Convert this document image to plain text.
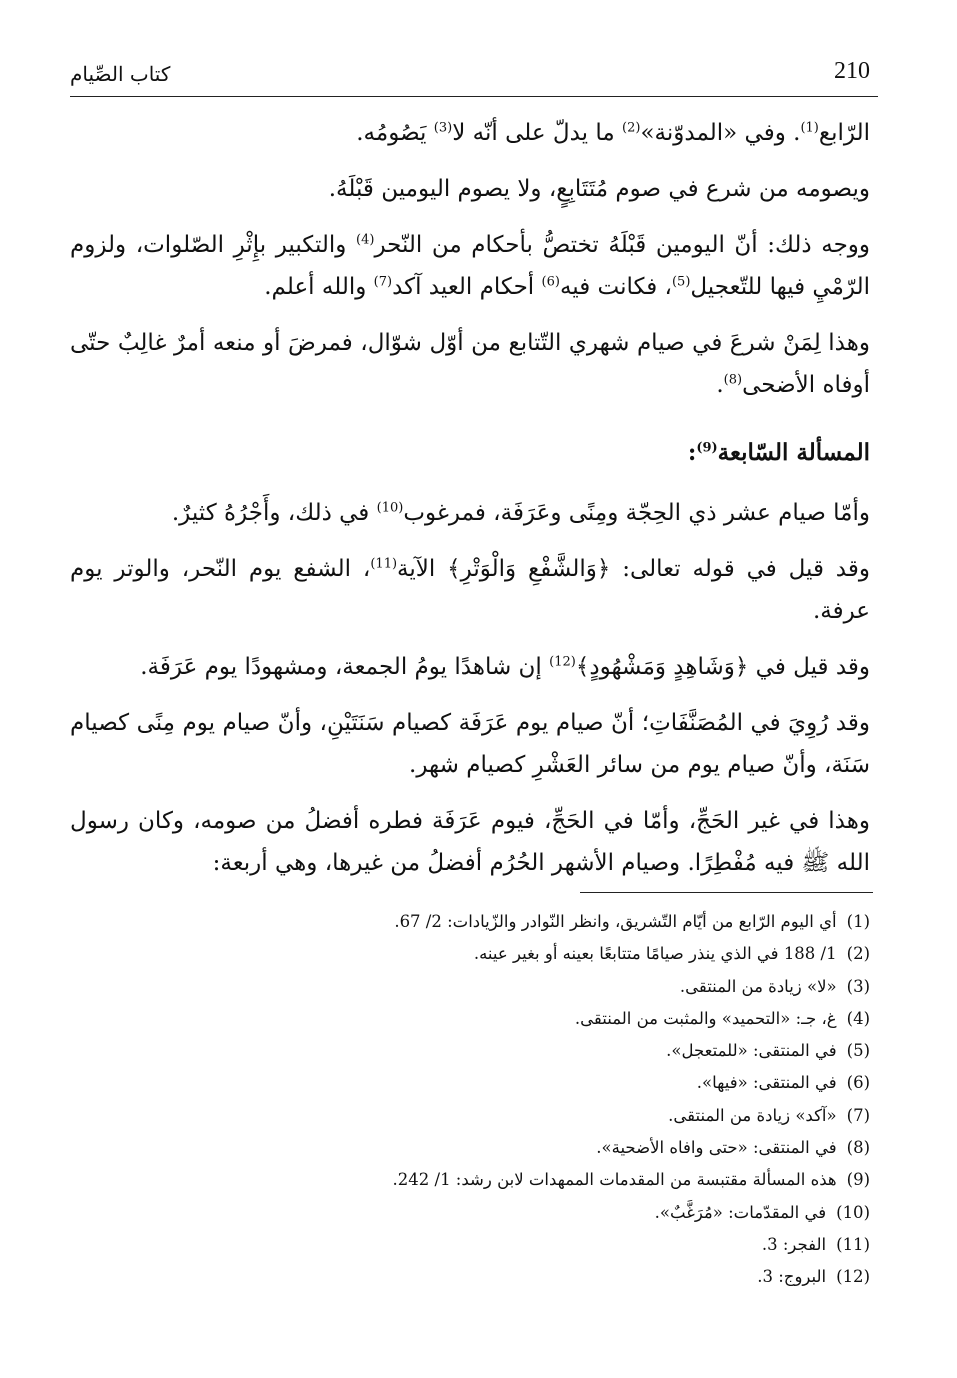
210
كتاب الصِّيام

الرّابع$^{(1)}$. وفي «المدوّنة»$^{(2)}$ ما يدلّ على أنّه لا$^{(3)}$ يَصُومُه.

ويصومه من شرع في صوم مُتَتَابِعٍ، ولا يصوم اليومين قَبْلَهُ.

ووجه ذلك: أنّ اليومين قَبْلَهُ تختصُّ بأحكام من النّحر$^{(4)}$ والتكبير بإِثْرِ الصّلوات، ولزوم الرّمْيِ فيها للتّعجيل$^{(5)}$، فكانت فيه$^{(6)}$ أحكام العيد آكد$^{(7)}$ والله أعلم.

وهذا لِمَنْ شرعَ في صيام شهري التّتابع من أوّل شوّال، فمرضَ أو منعه أمرٌ غالِبٌ حتّى أوفاه الأضحى$^{(8)}$.

المسألة السّابعة$^{(9)}$:

وأمّا صيام عشر ذي الحِجّة ومِنًى وعَرَفَة، فمرغوب$^{(10)}$ في ذلك، وأَجْرُهُ كثيرٌ.

وقد قيل في قوله تعالى: ﴿وَالشَّفْعِ وَالْوَتْرِ﴾ الآية$^{(11)}$، الشفع يوم النّحر، والوتر يوم عرفة.

وقد قيل في ﴿وَشَاهِدٍ وَمَشْهُودٍ﴾$^{(12)}$ إن شاهدًا يومُ الجمعة، ومشهودًا يوم عَرَفَة.

وقد رُوِيَ في المُصَنَّفَاتِ؛ أنّ صيام يوم عَرَفَة كصيام سَنَتَيْنِ، وأنّ صيام يوم مِنًى كصيام سَنَة، وأنّ صيام يوم من سائر العَشْرِ كصيام شهر.

وهذا في غير الحَجِّ، وأمّا في الحَجِّ، فيوم عَرَفَة فطره أفضلُ من صومه، وكان رسول الله ﷺ فيه مُفْطِرًا. وصيام الأشهر الحُرُم أفضلُ من غيرها، وهي أربعة:

(1)أي اليوم الرّابع من أيّام التّشريق، وانظر النّوادر والزّيادات: 2/ 67.
(2)1/ 188 في الذي ينذر صيامًا متتابعًا بعينه أو بغير عينه.
(3)«لا» زيادة من المنتقى.
(4)غ، جـ: «التحميد» والمثبت من المنتقى.
(5)في المنتقى: «للمتعجل».
(6)في المنتقى: «فيها».
(7)«آكد» زيادة من المنتقى.
(8)في المنتقى: «حتى وافاه الأضحية».
(9)هذه المسألة مقتبسة من المقدمات الممهدات لابن رشد: 1/ 242.
(10)في المقدّمات: «مُرَغَّبٌ».
(11)الفجر: 3.
(12)البروج: 3.
